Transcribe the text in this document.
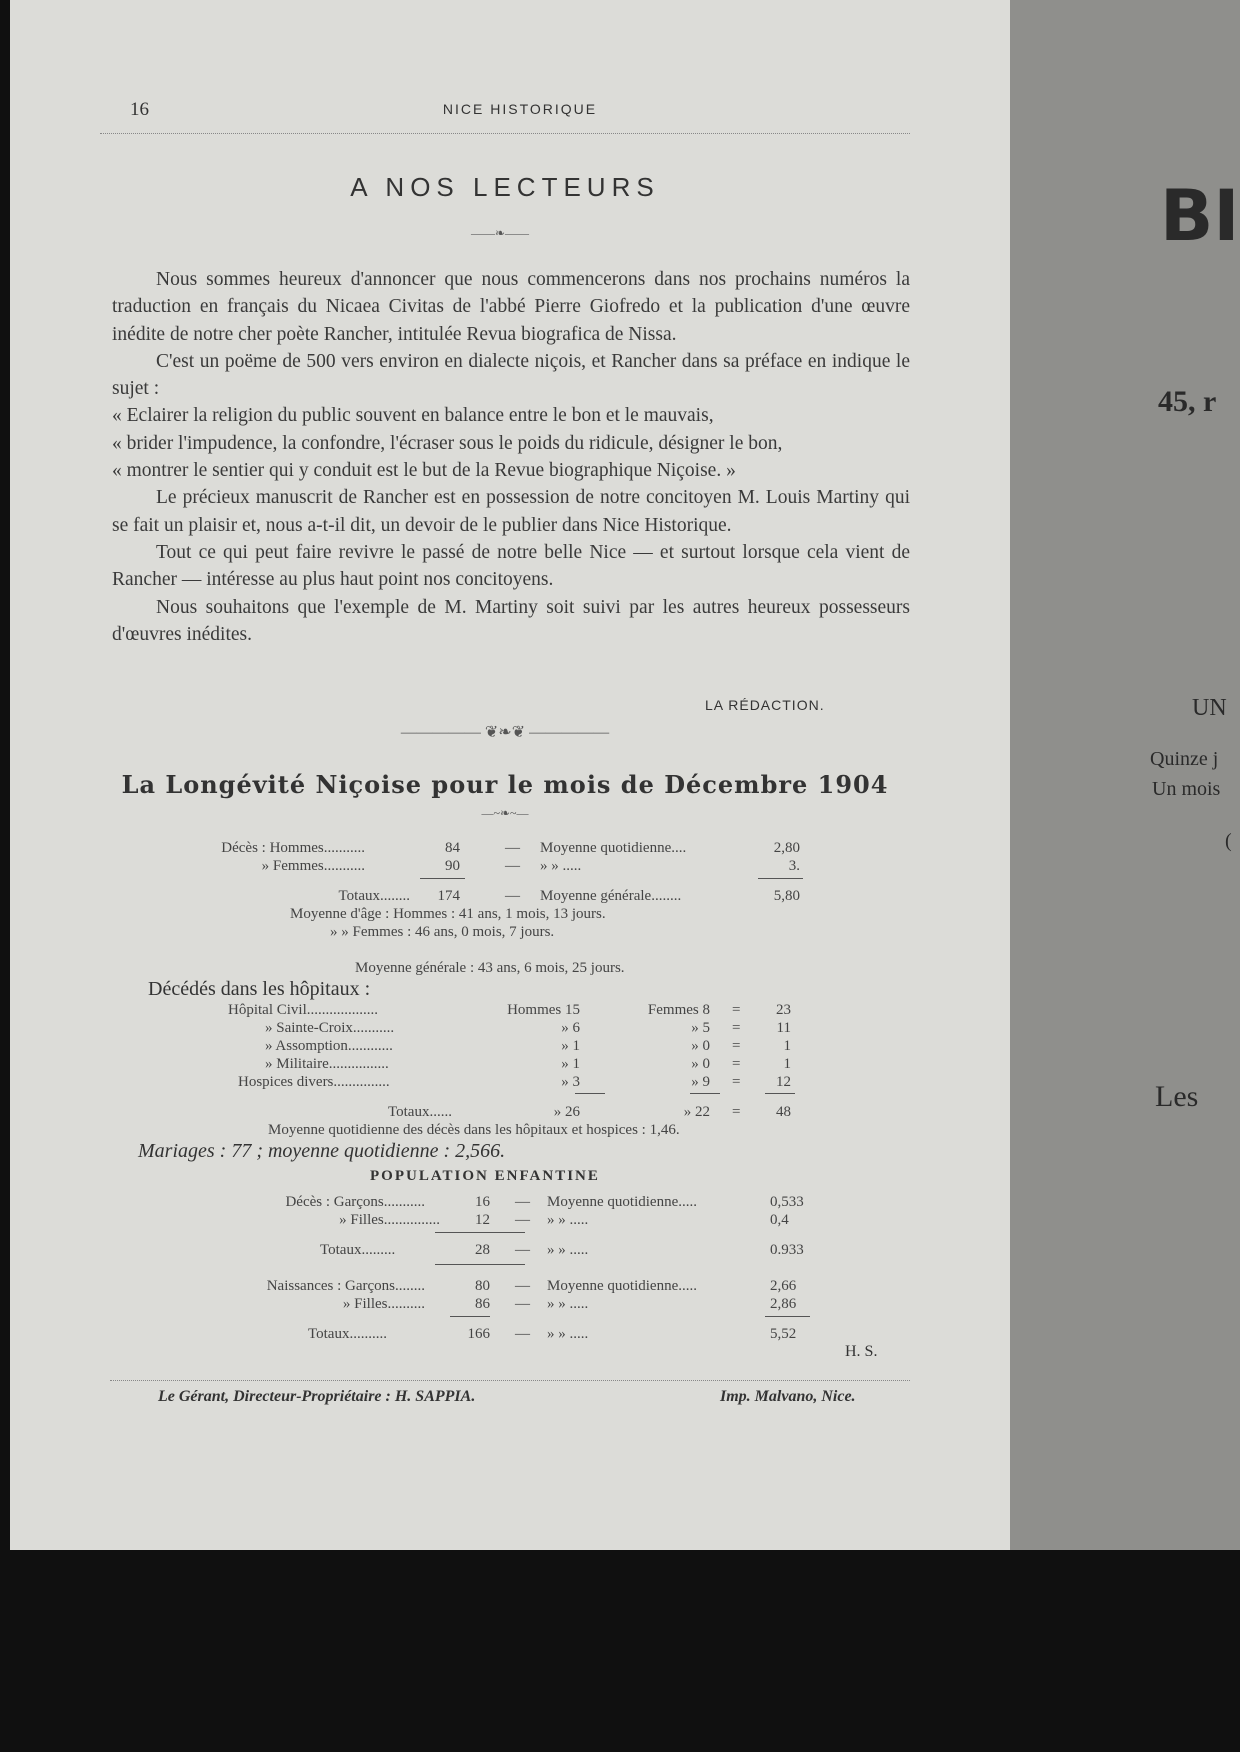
16	NICE HISTORIQUE
A NOS LECTEURS
——❧——

Nous sommes heureux d'annoncer que nous commencerons dans nos prochains numéros la traduction en français du Nicaea Civitas de l'abbé Pierre Giofredo et la publication d'une œuvre inédite de notre cher poète Rancher, intitulée Revua biografica de Nissa.

C'est un poëme de 500 vers environ en dialecte niçois, et Rancher dans sa préface en indique le sujet :

« Eclairer la religion du public souvent en balance entre le bon et le mauvais,

« brider l'impudence, la confondre, l'écraser sous le poids du ridicule, désigner le bon,

« montrer le sentier qui y conduit est le but de la Revue biographique Niçoise. »

Le précieux manuscrit de Rancher est en possession de notre concitoyen M. Louis Martiny qui se fait un plaisir et, nous a-t-il dit, un devoir de le publier dans Nice Historique.

Tout ce qui peut faire revivre le passé de notre belle Nice — et surtout lorsque cela vient de Rancher — intéresse au plus haut point nos concitoyens.

Nous souhaitons que l'exemple de M. Martiny soit suivi par les autres heureux possesseurs d'œuvres inédites.

LA RÉDACTION.
————— ❦❧❦ —————
La Longévité Niçoise pour le mois de Décembre 1904
—~❧~—
Décès : Hommes...........	84	— Moyenne quotidienne....	2,80
» Femmes...........	90	— » » .....	3.
Totaux........	174	— Moyenne générale........	5,80
Moyenne d'âge : Hommes : 41 ans, 1 mois, 13 jours.
» » Femmes : 46 ans, 0 mois, 7 jours.
Moyenne générale : 43 ans, 6 mois, 25 jours.
Décédés dans les hôpitaux :
Hôpital Civil...................	Hommes 15	Femmes 8 =	23
» Sainte-Croix...........	» 6	» 5 =	11
» Assomption............	» 1	» 0 =	1
» Militaire................	» 1	» 0 =	1
Hospices divers...............	» 3	» 9 =	12
Totaux......	» 26	» 22 =	48
Moyenne quotidienne des décès dans les hôpitaux et hospices : 1,46.
Mariages : 77 ; moyenne quotidienne : 2,566.
POPULATION ENFANTINE
Décès : Garçons...........	16 — Moyenne quotidienne.....	0,533
» Filles...............	12 — » » .....	0,4
Totaux.........	28 — » » .....	0.933
Naissances : Garçons........	80 — Moyenne quotidienne.....	2,66
» Filles..........	86 — » » .....	2,86
Totaux..........	166 — » » .....	5,52
H. S.
Le Gérant, Directeur-Propriétaire : H. SAPPIA.	Imp. Malvano, Nice.
BI
45, r
UN
Quinze j
Un mois
(
Les
